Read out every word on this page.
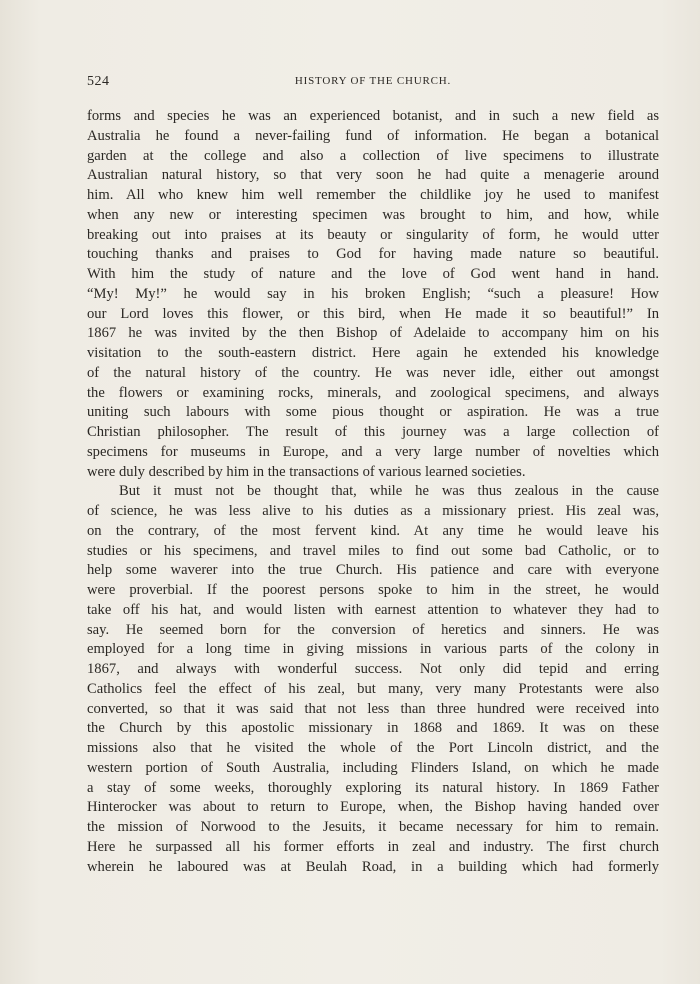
524	HISTORY OF THE CHURCH.
forms and species he was an experienced botanist, and in such a new field as
Australia he found a never-failing fund of information. He began a botanical
garden at the college and also a collection of live specimens to illustrate
Australian natural history, so that very soon he had quite a menagerie around
him. All who knew him well remember the childlike joy he used to manifest
when any new or interesting specimen was brought to him, and how, while
breaking out into praises at its beauty or singularity of form, he would utter
touching thanks and praises to God for having made nature so beautiful.
With him the study of nature and the love of God went hand in hand.
“My! My!” he would say in his broken English; “such a pleasure! How
our Lord loves this flower, or this bird, when He made it so beautiful!” In
1867 he was invited by the then Bishop of Adelaide to accompany him on his
visitation to the south-eastern district. Here again he extended his knowledge
of the natural history of the country. He was never idle, either out amongst
the flowers or examining rocks, minerals, and zoological specimens, and always
uniting such labours with some pious thought or aspiration. He was a true
Christian philosopher. The result of this journey was a large collection of
specimens for museums in Europe, and a very large number of novelties which
were duly described by him in the transactions of various learned societies.
But it must not be thought that, while he was thus zealous in the cause
of science, he was less alive to his duties as a missionary priest. His zeal was,
on the contrary, of the most fervent kind. At any time he would leave his
studies or his specimens, and travel miles to find out some bad Catholic, or to
help some waverer into the true Church. His patience and care with everyone
were proverbial. If the poorest persons spoke to him in the street, he would
take off his hat, and would listen with earnest attention to whatever they had to
say. He seemed born for the conversion of heretics and sinners. He was
employed for a long time in giving missions in various parts of the colony in
1867, and always with wonderful success. Not only did tepid and erring
Catholics feel the effect of his zeal, but many, very many Protestants were also
converted, so that it was said that not less than three hundred were received into
the Church by this apostolic missionary in 1868 and 1869. It was on these
missions also that he visited the whole of the Port Lincoln district, and the
western portion of South Australia, including Flinders Island, on which he made
a stay of some weeks, thoroughly exploring its natural history. In 1869 Father
Hinterocker was about to return to Europe, when, the Bishop having handed over
the mission of Norwood to the Jesuits, it became necessary for him to remain.
Here he surpassed all his former efforts in zeal and industry. The first church
wherein he laboured was at Beulah Road, in a building which had formerly
